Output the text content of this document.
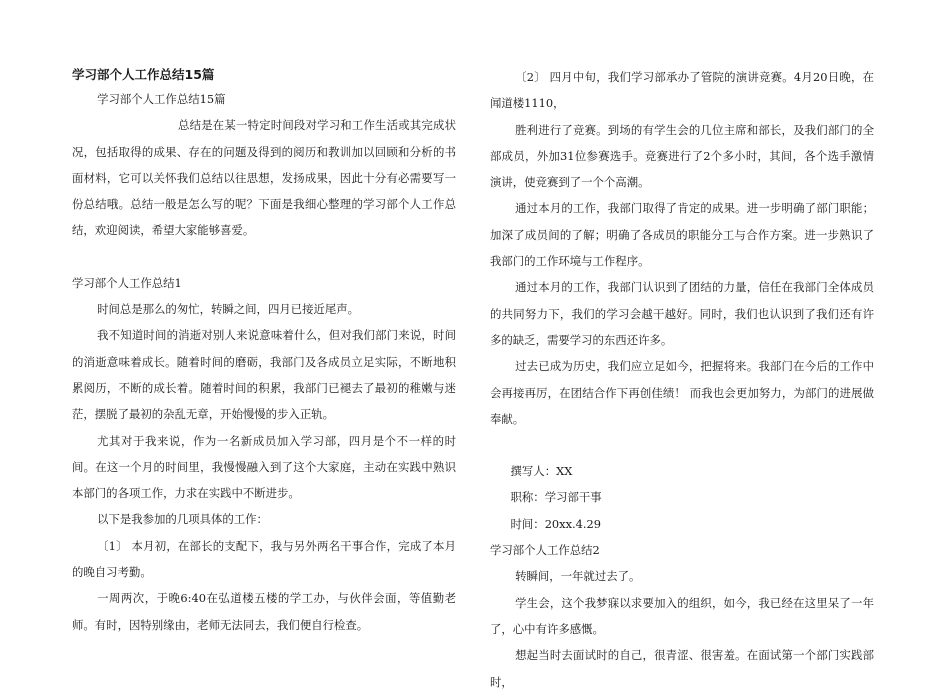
学习部个人工作总结15篇

学习部个人工作总结15篇

总结是在某一特定时间段对学习和工作生活或其完成状况，包括取得的成果、存在的问题及得到的阅历和教训加以回顾和分析的书面材料，它可以关怀我们总结以往思想，发扬成果，因此十分有必需要写一份总结哦。总结一般是怎么写的呢？下面是我细心整理的学习部个人工作总结，欢迎阅读，希望大家能够喜爱。

学习部个人工作总结1

时间总是那么的匆忙，转瞬之间，四月已接近尾声。

我不知道时间的消逝对别人来说意味着什么，但对我们部门来说，时间的消逝意味着成长。随着时间的磨砺，我部门及各成员立足实际，不断地积累阅历，不断的成长着。随着时间的积累，我部门已褪去了最初的稚嫩与迷茫，摆脱了最初的杂乱无章，开始慢慢的步入正轨。

尤其对于我来说，作为一名新成员加入学习部，四月是个不一样的时间。在这一个月的时间里，我慢慢融入到了这个大家庭，主动在实践中熟识本部门的各项工作，力求在实践中不断进步。

以下是我参加的几项具体的工作：

〔1〕 本月初，在部长的支配下，我与另外两名干事合作，完成了本月的晚自习考勤。

一周两次，于晚6:40在弘道楼五楼的学工办，与伙伴会面，等值勤老师。有时，因特别缘由，老师无法同去，我们便自行检查。

〔2〕 四月中旬，我们学习部承办了管院的演讲竞赛。4月20日晚，在闻道楼1110，

胜利进行了竞赛。到场的有学生会的几位主席和部长，及我们部门的全部成员，外加31位参赛选手。竞赛进行了2个多小时，其间，各个选手激情演讲，使竞赛到了一个个高潮。

通过本月的工作，我部门取得了肯定的成果。进一步明确了部门职能；加深了成员间的了解；明确了各成员的职能分工与合作方案。进一步熟识了我部门的工作环境与工作程序。

通过本月的工作，我部门认识到了团结的力量，信任在我部门全体成员的共同努力下，我们的学习会越干越好。同时，我们也认识到了我们还有许多的缺乏，需要学习的东西还许多。

过去已成为历史，我们应立足如今，把握将来。我部门在今后的工作中会再接再厉，在团结合作下再创佳绩！ 而我也会更加努力，为部门的进展做奉献。

撰写人：XX

职称：学习部干事

时间：20xx.4.29

学习部个人工作总结2

转瞬间，一年就过去了。

学生会，这个我梦寐以求要加入的组织，如今，我已经在这里呆了一年了，心中有许多感慨。

想起当时去面试时的自己，很青涩、很害羞。在面试第一个部门实践部时，
